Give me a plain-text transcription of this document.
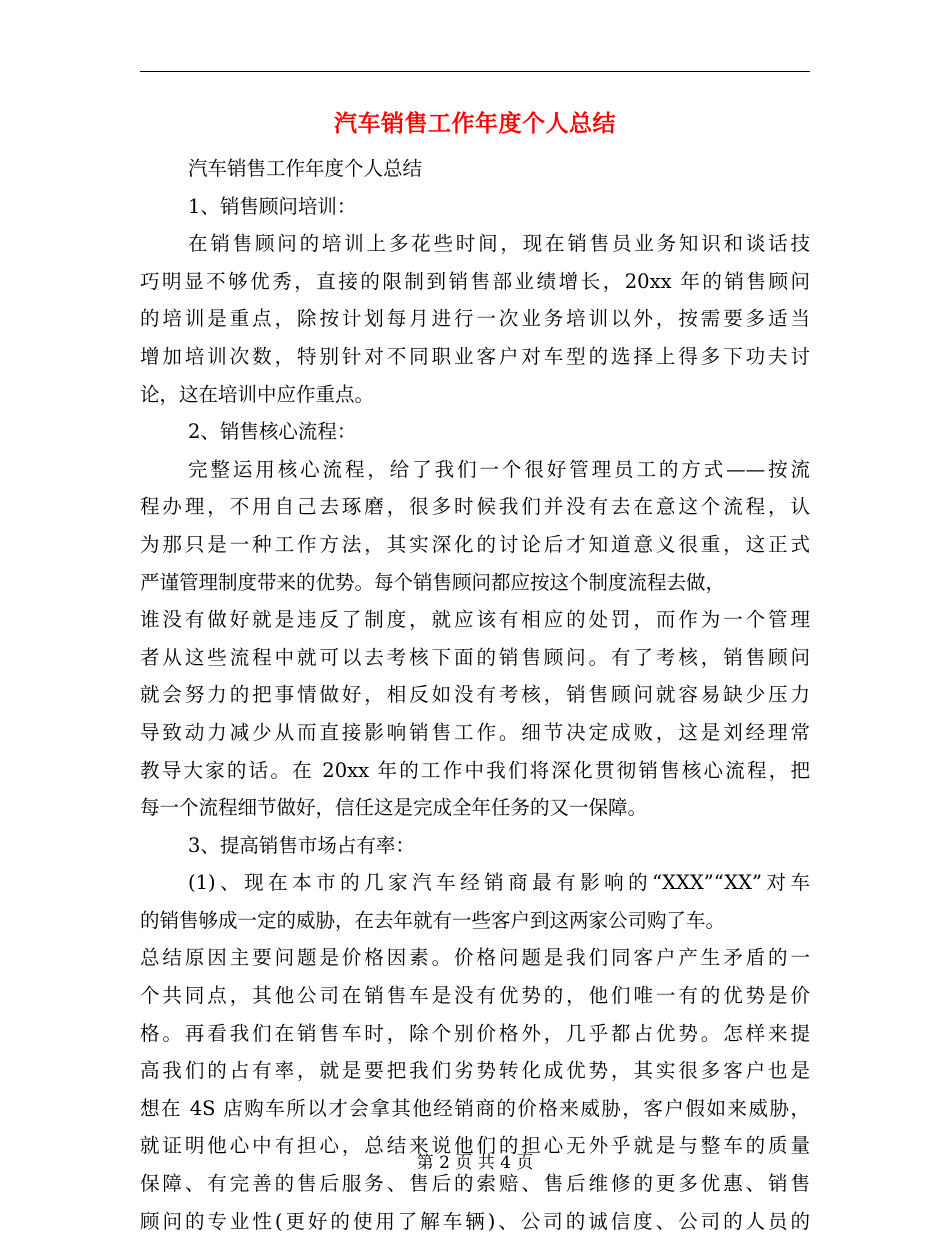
汽车销售工作年度个人总结
汽车销售工作年度个人总结
1、销售顾问培训：
在销售顾问的培训上多花些时间，现在销售员业务知识和谈话技
巧明显不够优秀，直接的限制到销售部业绩增长，20xx 年的销售顾问
的培训是重点，除按计划每月进行一次业务培训以外，按需要多适当
增加培训次数，特别针对不同职业客户对车型的选择上得多下功夫讨
论，这在培训中应作重点。
2、销售核心流程：
完整运用核心流程，给了我们一个很好管理员工的方式——按流
程办理，不用自己去琢磨，很多时候我们并没有去在意这个流程，认
为那只是一种工作方法，其实深化的讨论后才知道意义很重，这正式
严谨管理制度带来的优势。每个销售顾问都应按这个制度流程去做，
谁没有做好就是违反了制度，就应该有相应的处罚，而作为一个管理
者从这些流程中就可以去考核下面的销售顾问。有了考核，销售顾问
就会努力的把事情做好，相反如没有考核，销售顾问就容易缺少压力
导致动力减少从而直接影响销售工作。细节决定成败，这是刘经理常
教导大家的话。在 20xx 年的工作中我们将深化贯彻销售核心流程，把
每一个流程细节做好，信任这是完成全年任务的又一保障。
3、提高销售市场占有率：
(1)、现在本市的几家汽车经销商最有影响的“XXX”“XX”对车
的销售够成一定的威胁，在去年就有一些客户到这两家公司购了车。
总结原因主要问题是价格因素。价格问题是我们同客户产生矛盾的一
个共同点，其他公司在销售车是没有优势的，他们唯一有的优势是价
格。再看我们在销售车时，除个别价格外，几乎都占优势。怎样来提
高我们的占有率，就是要把我们劣势转化成优势，其实很多客户也是
想在 4S 店购车所以才会拿其他经销商的价格来威胁，客户假如来威胁，
就证明他心中有担心，总结来说他们的担心无外乎就是与整车的质量
保障、有完善的售后服务、售后的索赔、售后维修的更多优惠、销售
顾问的专业性(更好的使用了解车辆)、公司的诚信度、公司的人员的
第 2 页 共 4 页
